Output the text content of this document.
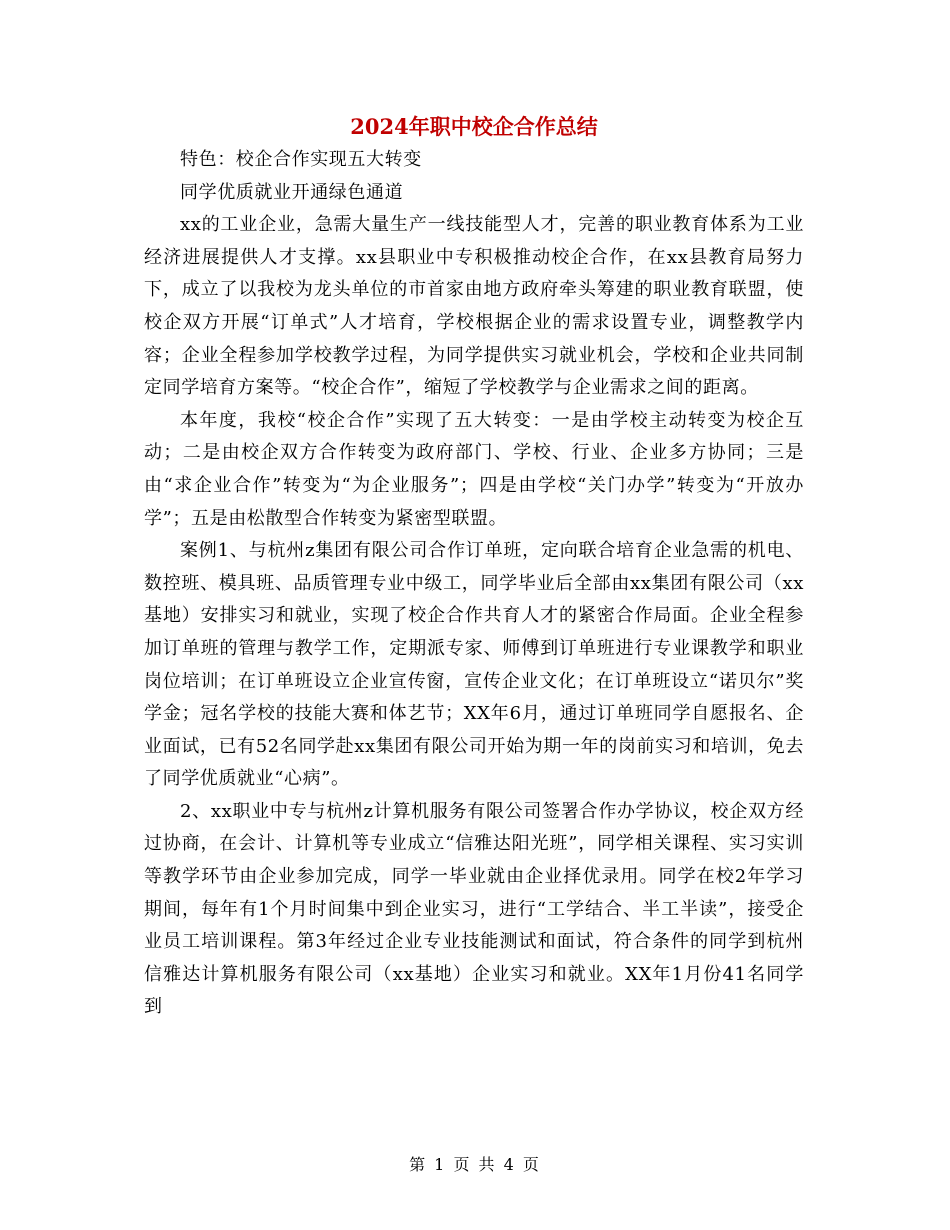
2024年职中校企合作总结

特色：校企合作实现五大转变

同学优质就业开通绿色通道

xx的工业企业，急需大量生产一线技能型人才，完善的职业教育体系为工业经济进展提供人才支撑。xx县职业中专积极推动校企合作，在xx县教育局努力下，成立了以我校为龙头单位的市首家由地方政府牵头筹建的职业教育联盟，使校企双方开展“订单式”人才培育，学校根据企业的需求设置专业，调整教学内容；企业全程参加学校教学过程，为同学提供实习就业机会，学校和企业共同制定同学培育方案等。“校企合作”，缩短了学校教学与企业需求之间的距离。

本年度，我校“校企合作”实现了五大转变：一是由学校主动转变为校企互动；二是由校企双方合作转变为政府部门、学校、行业、企业多方协同；三是由“求企业合作”转变为“为企业服务”；四是由学校“关门办学”转变为“开放办学”；五是由松散型合作转变为紧密型联盟。

案例1、与杭州z集团有限公司合作订单班，定向联合培育企业急需的机电、数控班、模具班、品质管理专业中级工，同学毕业后全部由xx集团有限公司（xx基地）安排实习和就业，实现了校企合作共育人才的紧密合作局面。企业全程参加订单班的管理与教学工作，定期派专家、师傅到订单班进行专业课教学和职业岗位培训；在订单班设立企业宣传窗，宣传企业文化；在订单班设立“诺贝尔”奖学金；冠名学校的技能大赛和体艺节；XX年6月，通过订单班同学自愿报名、企业面试，已有52名同学赴xx集团有限公司开始为期一年的岗前实习和培训，免去了同学优质就业“心病”。

2、xx职业中专与杭州z计算机服务有限公司签署合作办学协议，校企双方经过协商，在会计、计算机等专业成立“信雅达阳光班”，同学相关课程、实习实训等教学环节由企业参加完成，同学一毕业就由企业择优录用。同学在校2年学习期间，每年有1个月时间集中到企业实习，进行“工学结合、半工半读”，接受企业员工培训课程。第3年经过企业专业技能测试和面试，符合条件的同学到杭州信雅达计算机服务有限公司（xx基地）企业实习和就业。XX年1月份41名同学到

第 1 页 共 4 页
